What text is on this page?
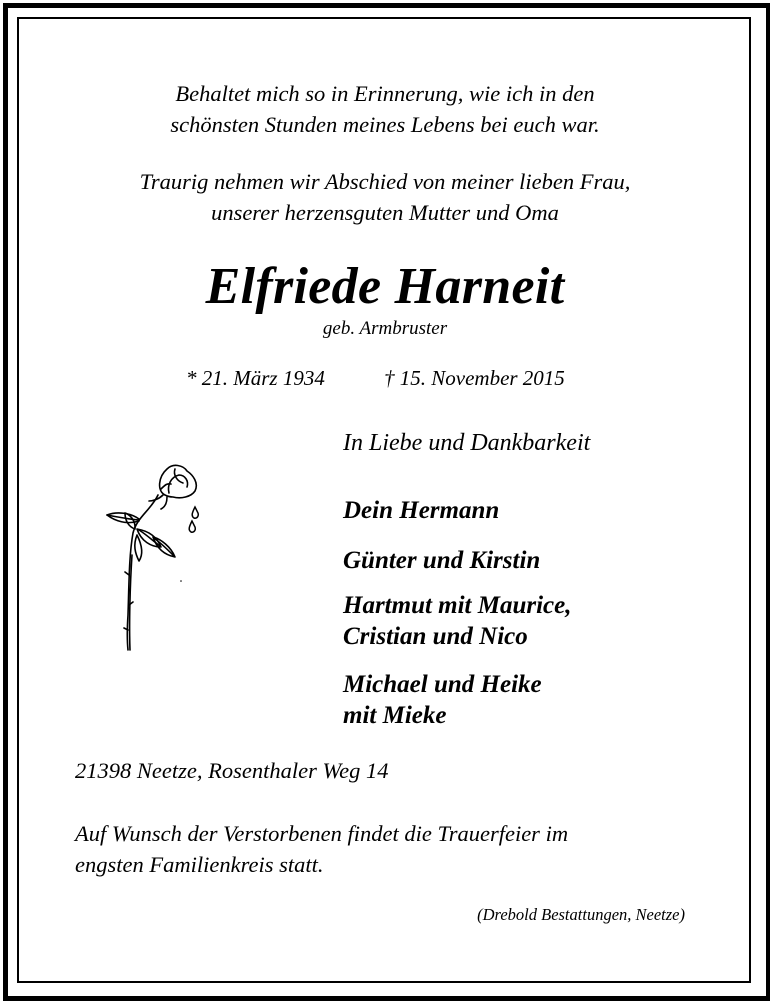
Behaltet mich so in Erinnerung, wie ich in den
schönsten Stunden meines Lebens bei euch war.
Traurig nehmen wir Abschied von meiner lieben Frau,
unserer herzensguten Mutter und Oma
Elfriede Harneit
geb. Armbruster
* 21. März 1934	† 15. November 2015
In Liebe und Dankbarkeit
Dein Hermann
Günter und Kirstin
Hartmut mit Maurice,
Cristian und Nico
Michael und Heike
mit Mieke
21398 Neetze, Rosenthaler Weg 14
Auf Wunsch der Verstorbenen findet die Trauerfeier im
engsten Familienkreis statt.
(Drebold Bestattungen, Neetze)
